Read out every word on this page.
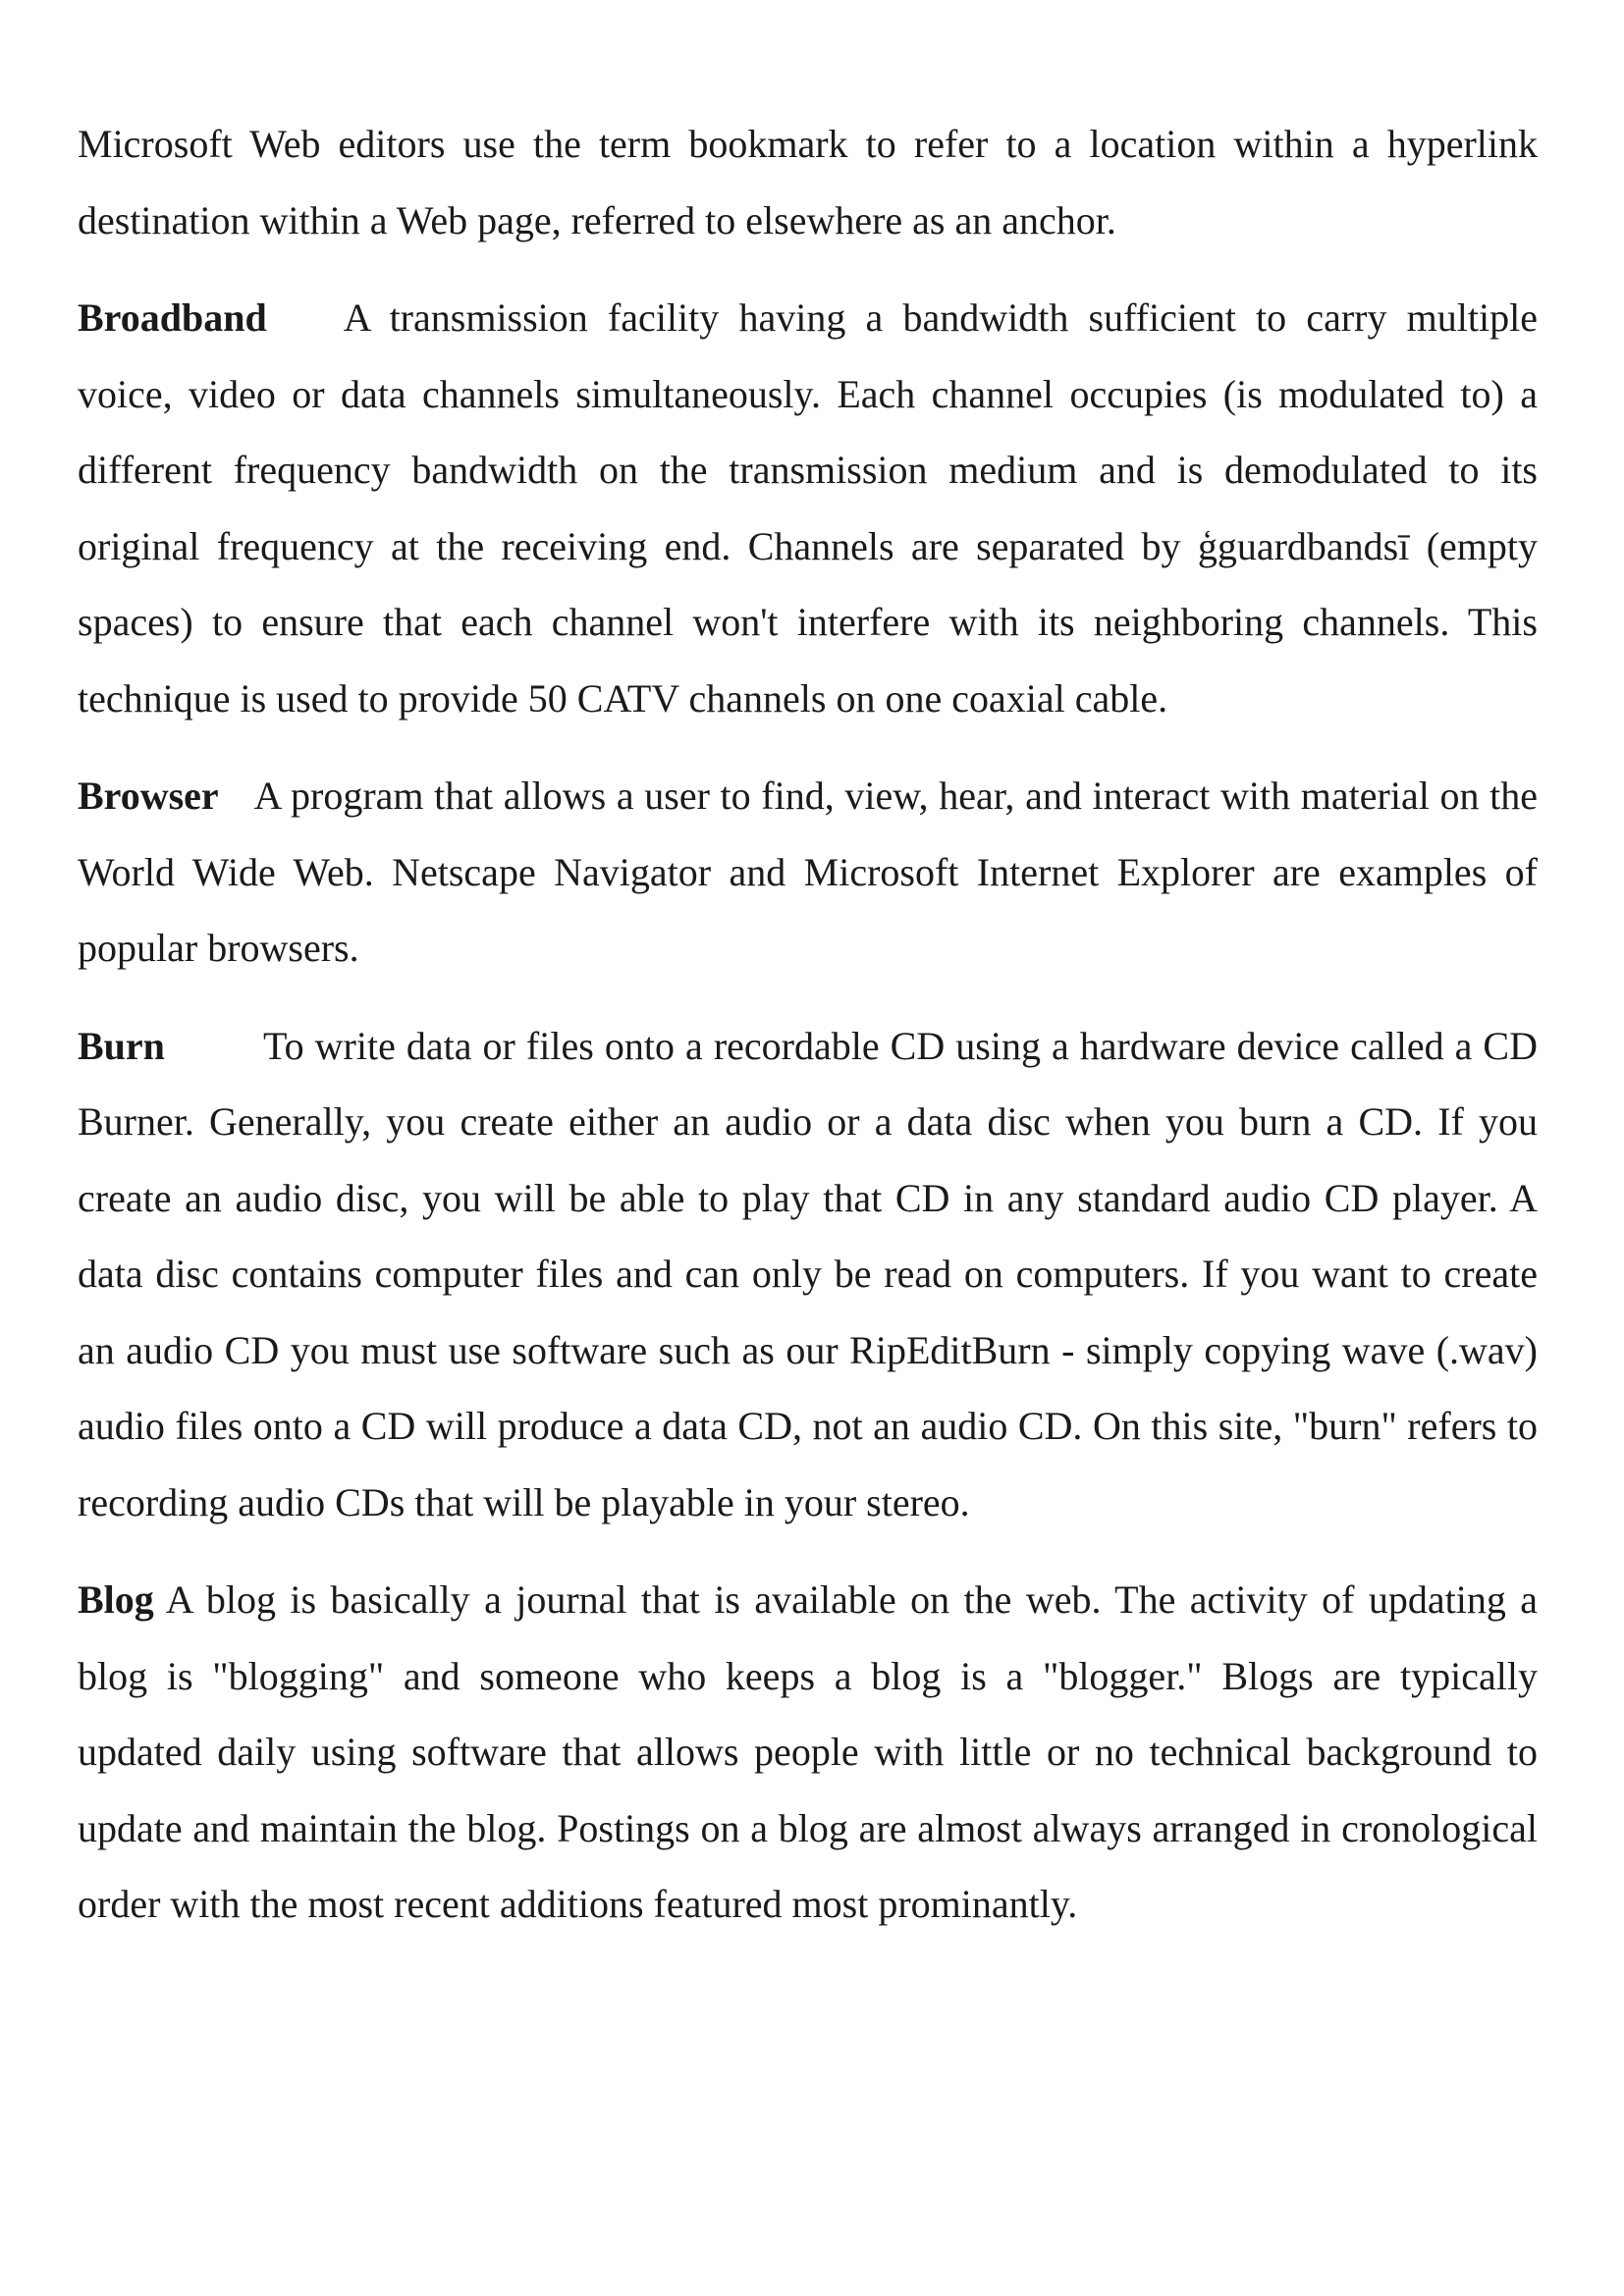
Microsoft Web editors use the term bookmark to refer to a location within a hyperlink destination within a Web page, referred to elsewhere as an anchor.

Broadband A transmission facility having a bandwidth sufficient to carry multiple voice, video or data channels simultaneously. Each channel occupies (is modulated to) a different frequency bandwidth on the transmission medium and is demodulated to its original frequency at the receiving end. Channels are separated by ģguardbandsī (empty spaces) to ensure that each channel won't interfere with its neighboring channels. This technique is used to provide 50 CATV channels on one coaxial cable.

Browser A program that allows a user to find, view, hear, and interact with material on the World Wide Web. Netscape Navigator and Microsoft Internet Explorer are examples of popular browsers.

Burn	To write data or files onto a recordable CD using a hardware device called a CD Burner. Generally, you create either an audio or a data disc when you burn a CD. If you create an audio disc, you will be able to play that CD in any standard audio CD player. A data disc contains computer files and can only be read on computers. If you want to create an audio CD you must use software such as our RipEditBurn - simply copying wave (.wav) audio files onto a CD will produce a data CD, not an audio CD. On this site, "burn" refers to recording audio CDs that will be playable in your stereo.

Blog A blog is basically a journal that is available on the web. The activity of updating a blog is "blogging" and someone who keeps a blog is a "blogger." Blogs are typically updated daily using software that allows people with little or no technical background to update and maintain the blog. Postings on a blog are almost always arranged in cronological order with the most recent additions featured most prominantly.
